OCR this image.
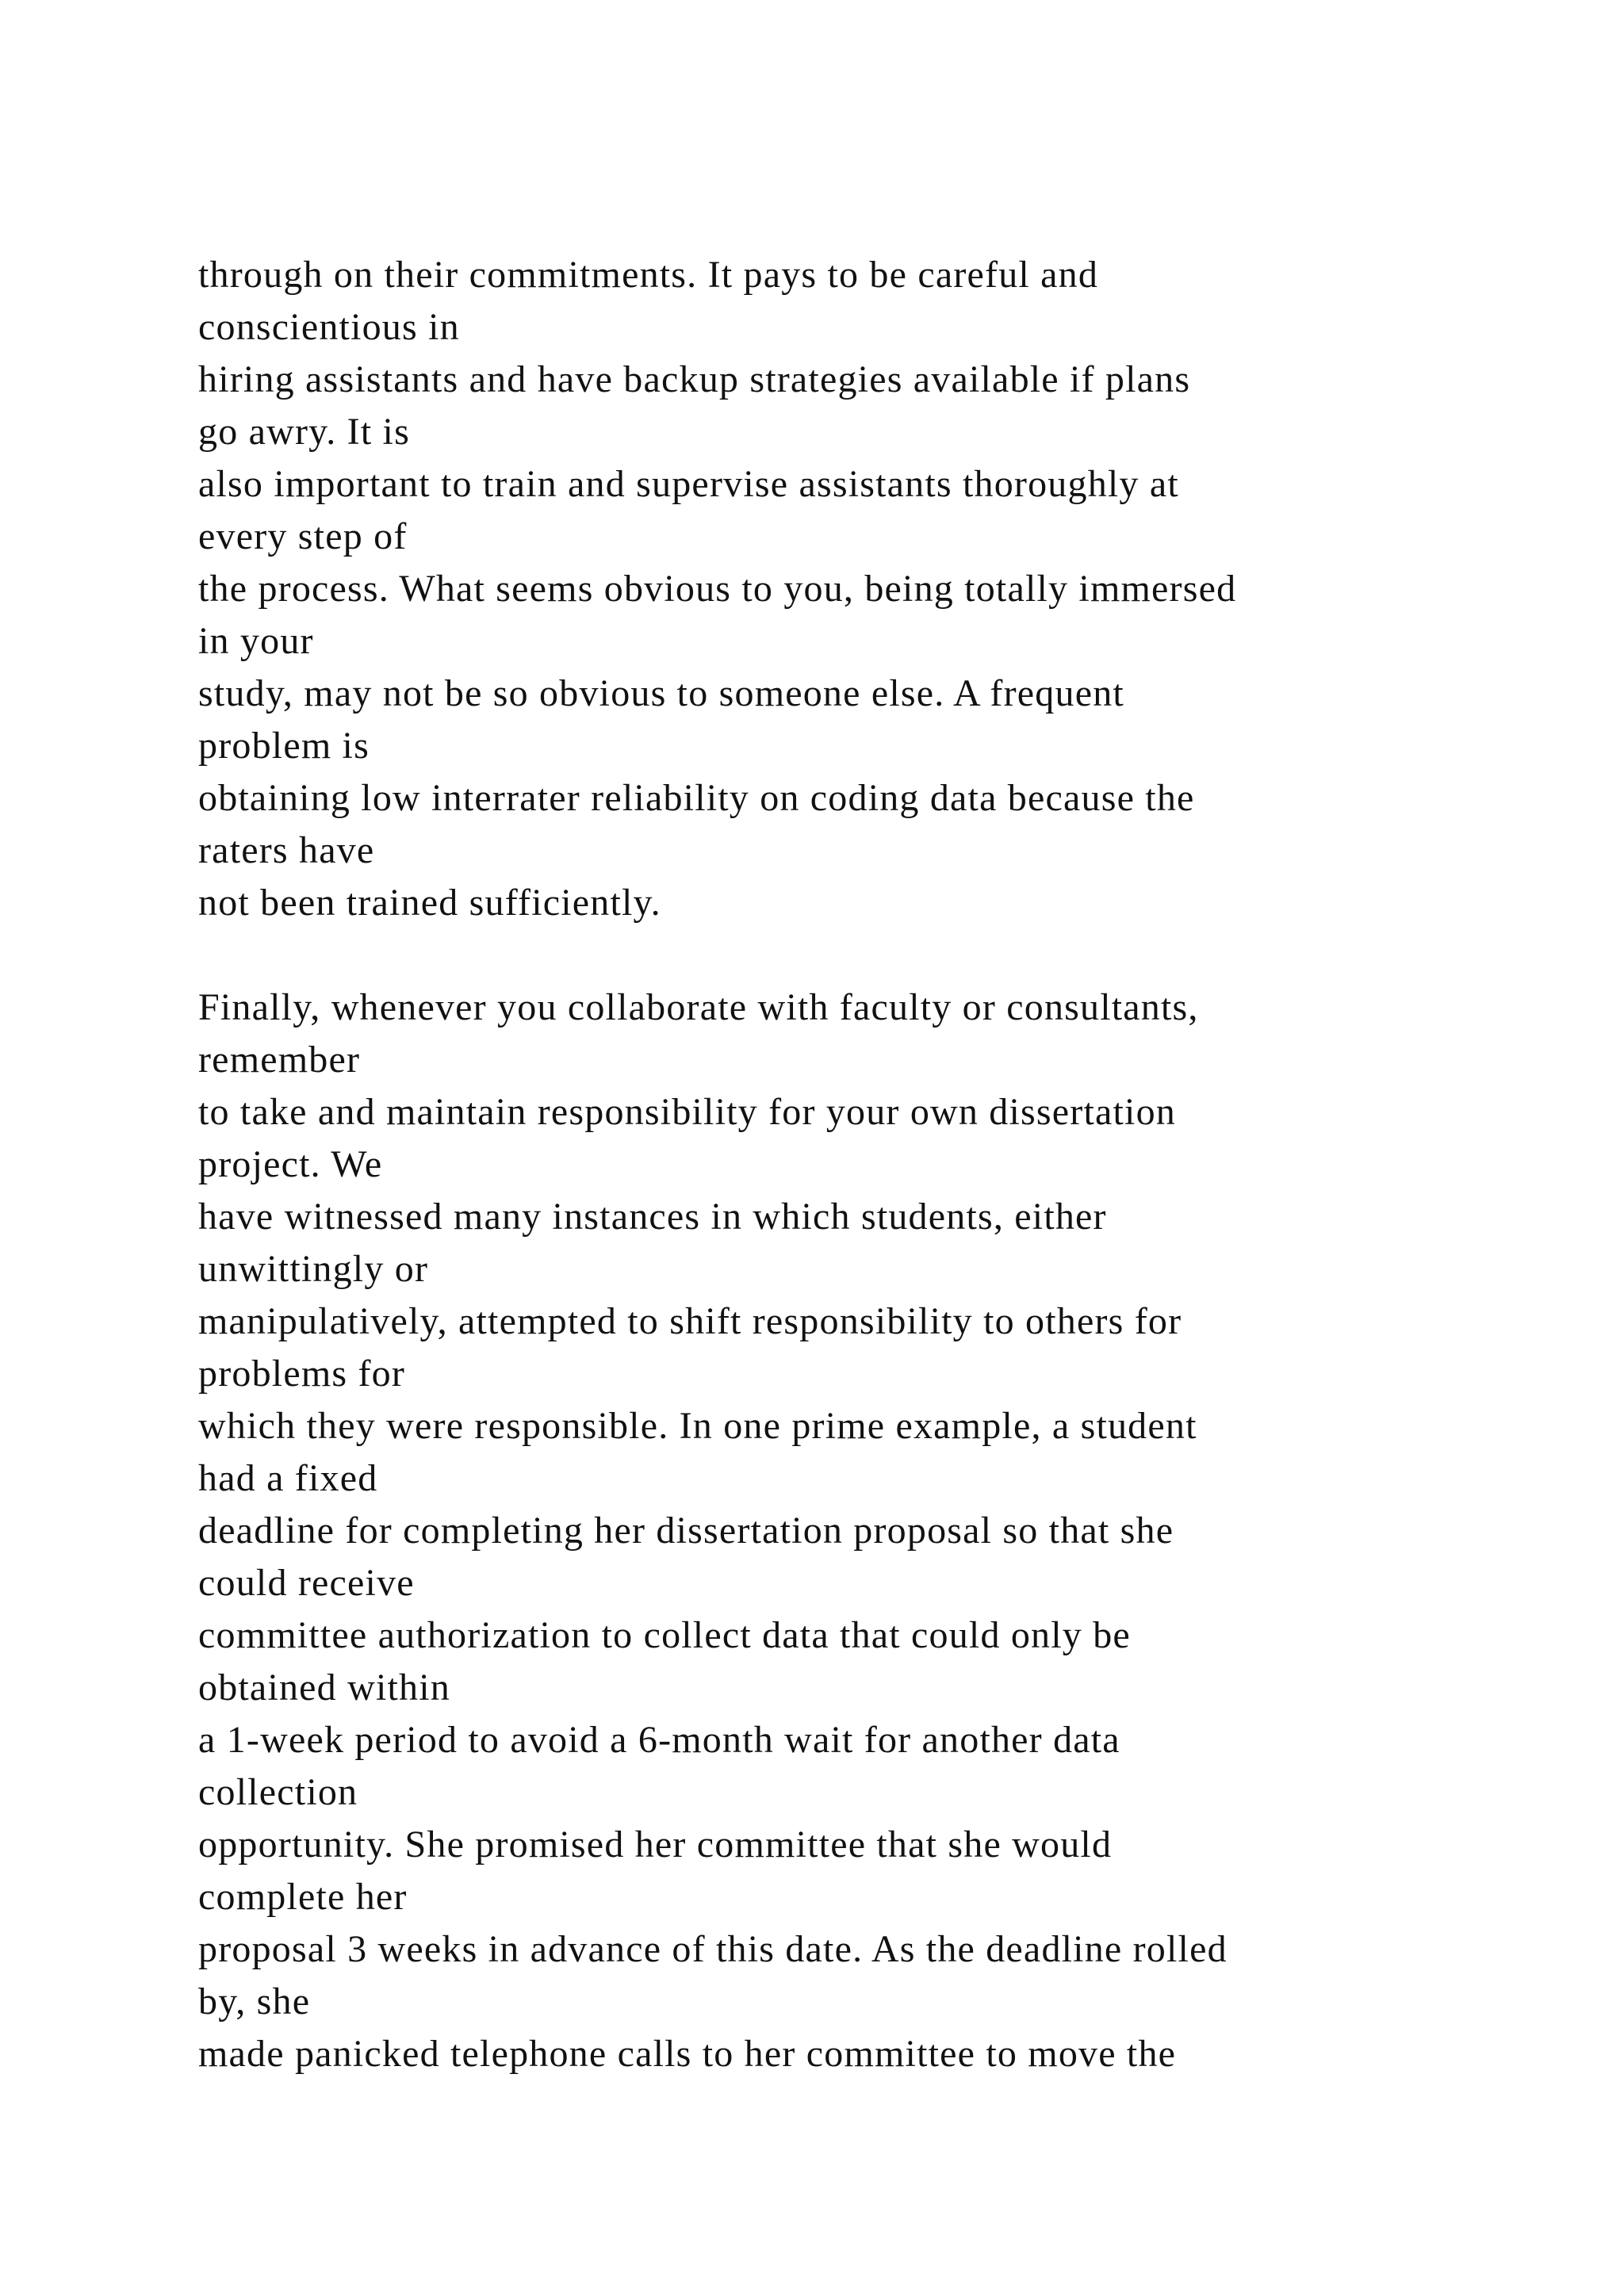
through on their commitments. It pays to be careful and
conscientious in
hiring assistants and have backup strategies available if plans
go awry. It is
also important to train and supervise assistants thoroughly at
every step of
the process. What seems obvious to you, being totally immersed
in your
study, may not be so obvious to someone else. A frequent
problem is
obtaining low interrater reliability on coding data because the
raters have
not been trained sufficiently.
Finally, whenever you collaborate with faculty or consultants,
remember
to take and maintain responsibility for your own dissertation
project. We
have witnessed many instances in which students, either
unwittingly or
manipulatively, attempted to shift responsibility to others for
problems for
which they were responsible. In one prime example, a student
had a fixed
deadline for completing her dissertation proposal so that she
could receive
committee authorization to collect data that could only be
obtained within
a 1-week period to avoid a 6-month wait for another data
collection
opportunity. She promised her committee that she would
complete her
proposal 3 weeks in advance of this date. As the deadline rolled
by, she
made panicked telephone calls to her committee to move the
